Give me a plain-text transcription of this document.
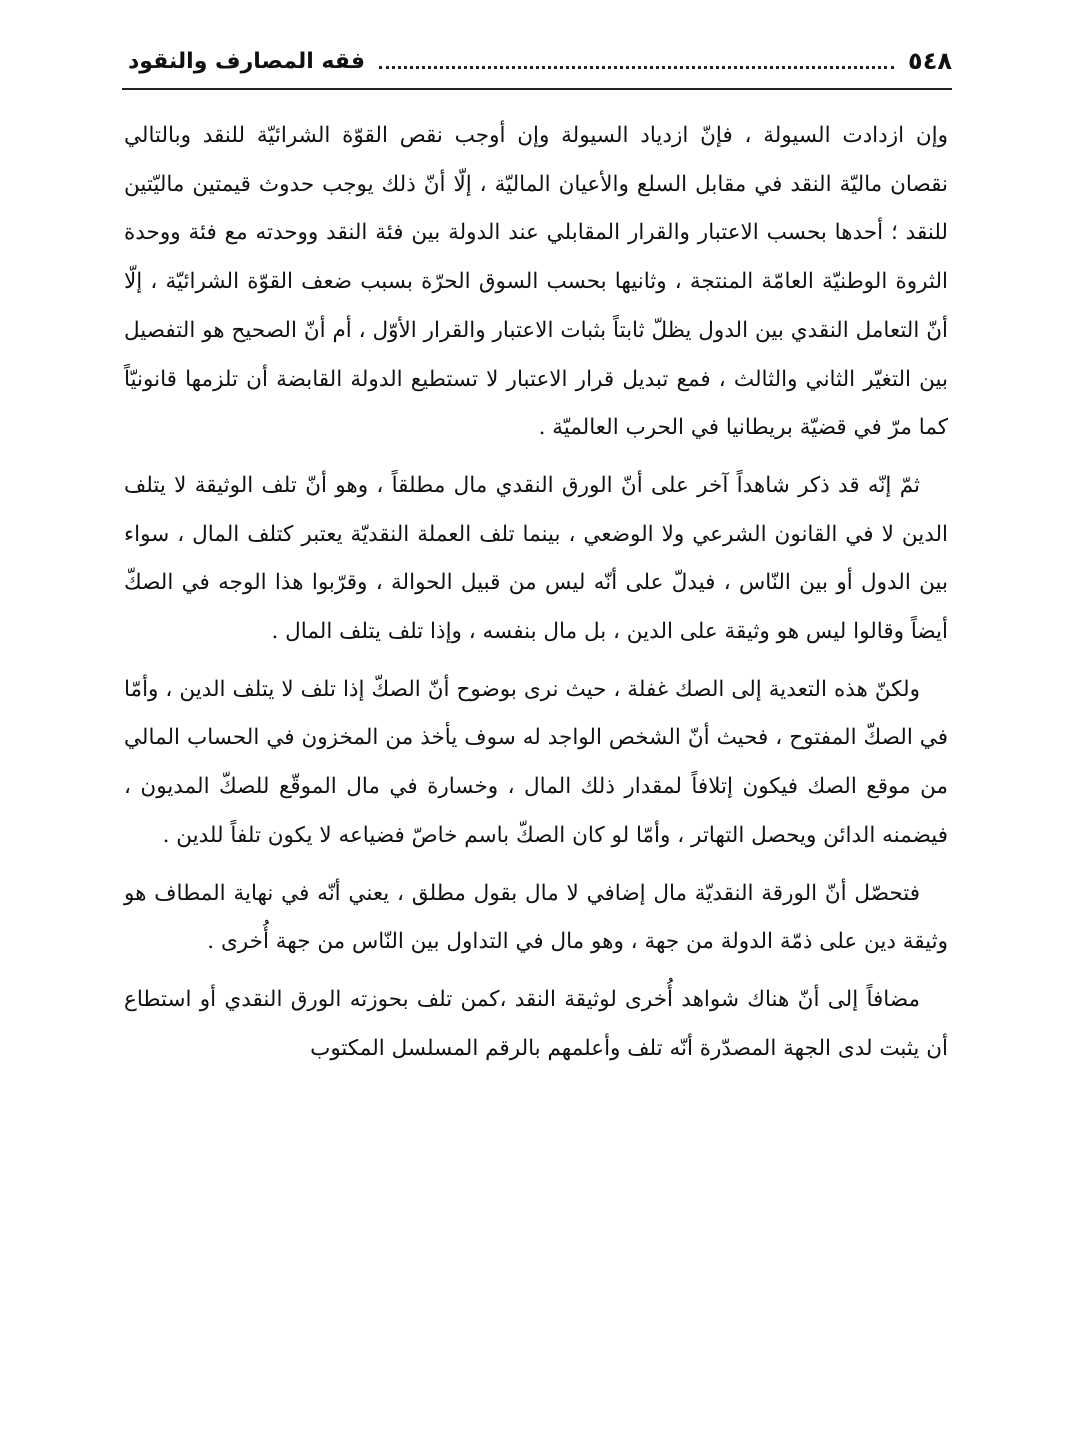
٥٤٨
فقه المصارف والنقود

وإن ازدادت السيولة ، فإنّ ازدياد السيولة وإن أوجب نقص القوّة الشرائيّة للنقد وبالتالي نقصان ماليّة النقد في مقابل السلع والأعيان الماليّة ، إلّا أنّ ذلك يوجب حدوث قيمتين ماليّتين للنقد ؛ أحدها بحسب الاعتبار والقرار المقابلي عند الدولة بين فئة النقد ووحدته مع فئة ووحدة الثروة الوطنيّة العامّة المنتجة ، وثانيها بحسب السوق الحرّة بسبب ضعف القوّة الشرائيّة ، إلّا أنّ التعامل النقدي بين الدول يظلّ ثابتاً بثبات الاعتبار والقرار الأوّل ، أم أنّ الصحيح هو التفصيل بين التغيّر الثاني والثالث ، فمع تبديل قرار الاعتبار لا تستطيع الدولة القابضة أن تلزمها قانونيّاً كما مرّ في قضيّة بريطانيا في الحرب العالميّة .

ثمّ إنّه قد ذكر شاهداً آخر على أنّ الورق النقدي مال مطلقاً ، وهو أنّ تلف الوثيقة لا يتلف الدين لا في القانون الشرعي ولا الوضعي ، بينما تلف العملة النقديّة يعتبر كتلف المال ، سواء بين الدول أو بين النّاس ، فيدلّ على أنّه ليس من قبيل الحوالة ، وقرّبوا هذا الوجه في الصكّ أيضاً وقالوا ليس هو وثيقة على الدين ، بل مال بنفسه ، وإذا تلف يتلف المال .

ولكنّ هذه التعدية إلى الصك غفلة ، حيث نرى بوضوح أنّ الصكّ إذا تلف لا يتلف الدين ، وأمّا في الصكّ المفتوح ، فحيث أنّ الشخص الواجد له سوف يأخذ من المخزون في الحساب المالي من موقع الصك فيكون إتلافاً لمقدار ذلك المال ، وخسارة في مال الموقّع للصكّ المديون ، فيضمنه الدائن ويحصل التهاتر ، وأمّا لو كان الصكّ باسم خاصّ فضياعه لا يكون تلفاً للدين .

فتحصّل أنّ الورقة النقديّة مال إضافي لا مال بقول مطلق ، يعني أنّه في نهاية المطاف هو وثيقة دين على ذمّة الدولة من جهة ، وهو مال في التداول بين النّاس من جهة أُخرى .

مضافاً إلى أنّ هناك شواهد أُخرى لوثيقة النقد ،كمن تلف بحوزته الورق النقدي أو استطاع أن يثبت لدى الجهة المصدّرة أنّه تلف وأعلمهم بالرقم المسلسل المكتوب
